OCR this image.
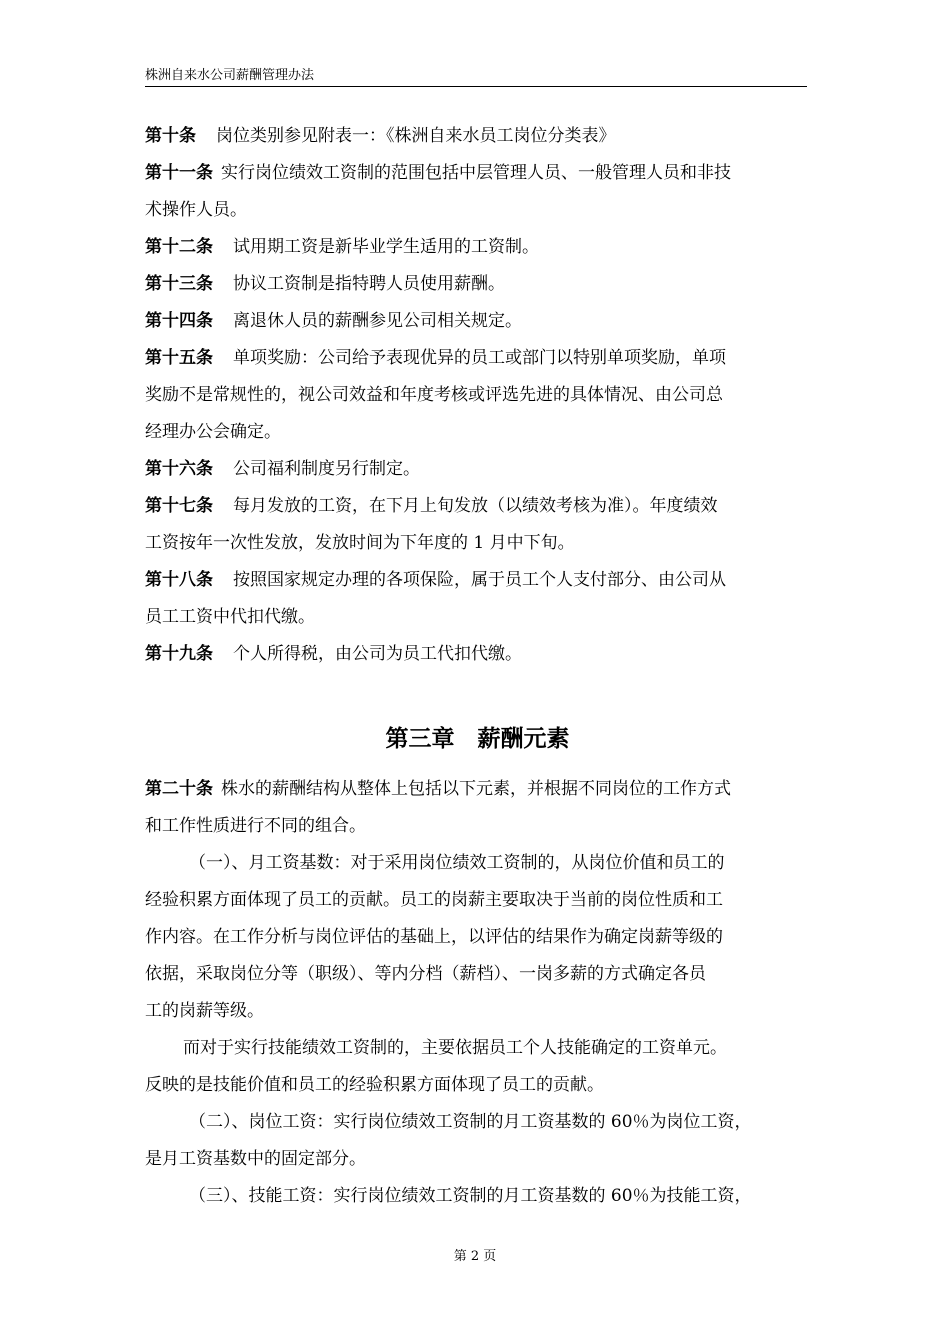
株洲自来水公司薪酬管理办法
第十条 岗位类别参见附表一：《株洲自来水员工岗位分类表》
第十一条 实行岗位绩效工资制的范围包括中层管理人员、一般管理人员和非技
术操作人员。
第十二条 试用期工资是新毕业学生适用的工资制。
第十三条 协议工资制是指特聘人员使用薪酬。
第十四条 离退休人员的薪酬参见公司相关规定。
第十五条 单项奖励：公司给予表现优异的员工或部门以特别单项奖励，单项
奖励不是常规性的，视公司效益和年度考核或评选先进的具体情况、由公司总
经理办公会确定。
第十六条 公司福利制度另行制定。
第十七条 每月发放的工资，在下月上旬发放（以绩效考核为准）。年度绩效
工资按年一次性发放，发放时间为下年度的 1 月中下旬。
第十八条 按照国家规定办理的各项保险，属于员工个人支付部分、由公司从
员工工资中代扣代缴。
第十九条 个人所得税，由公司为员工代扣代缴。
第三章　薪酬元素
第二十条 株水的薪酬结构从整体上包括以下元素，并根据不同岗位的工作方式
和工作性质进行不同的组合。
（一）、月工资基数：对于采用岗位绩效工资制的，从岗位价值和员工的
经验积累方面体现了员工的贡献。员工的岗薪主要取决于当前的岗位性质和工
作内容。在工作分析与岗位评估的基础上，以评估的结果作为确定岗薪等级的
依据，采取岗位分等（职级）、等内分档（薪档）、一岗多薪的方式确定各员
工的岗薪等级。
而对于实行技能绩效工资制的，主要依据员工个人技能确定的工资单元。
反映的是技能价值和员工的经验积累方面体现了员工的贡献。
（二）、岗位工资：实行岗位绩效工资制的月工资基数的 60％为岗位工资，
是月工资基数中的固定部分。
（三）、技能工资：实行岗位绩效工资制的月工资基数的 60％为技能工资，
第 2 页
